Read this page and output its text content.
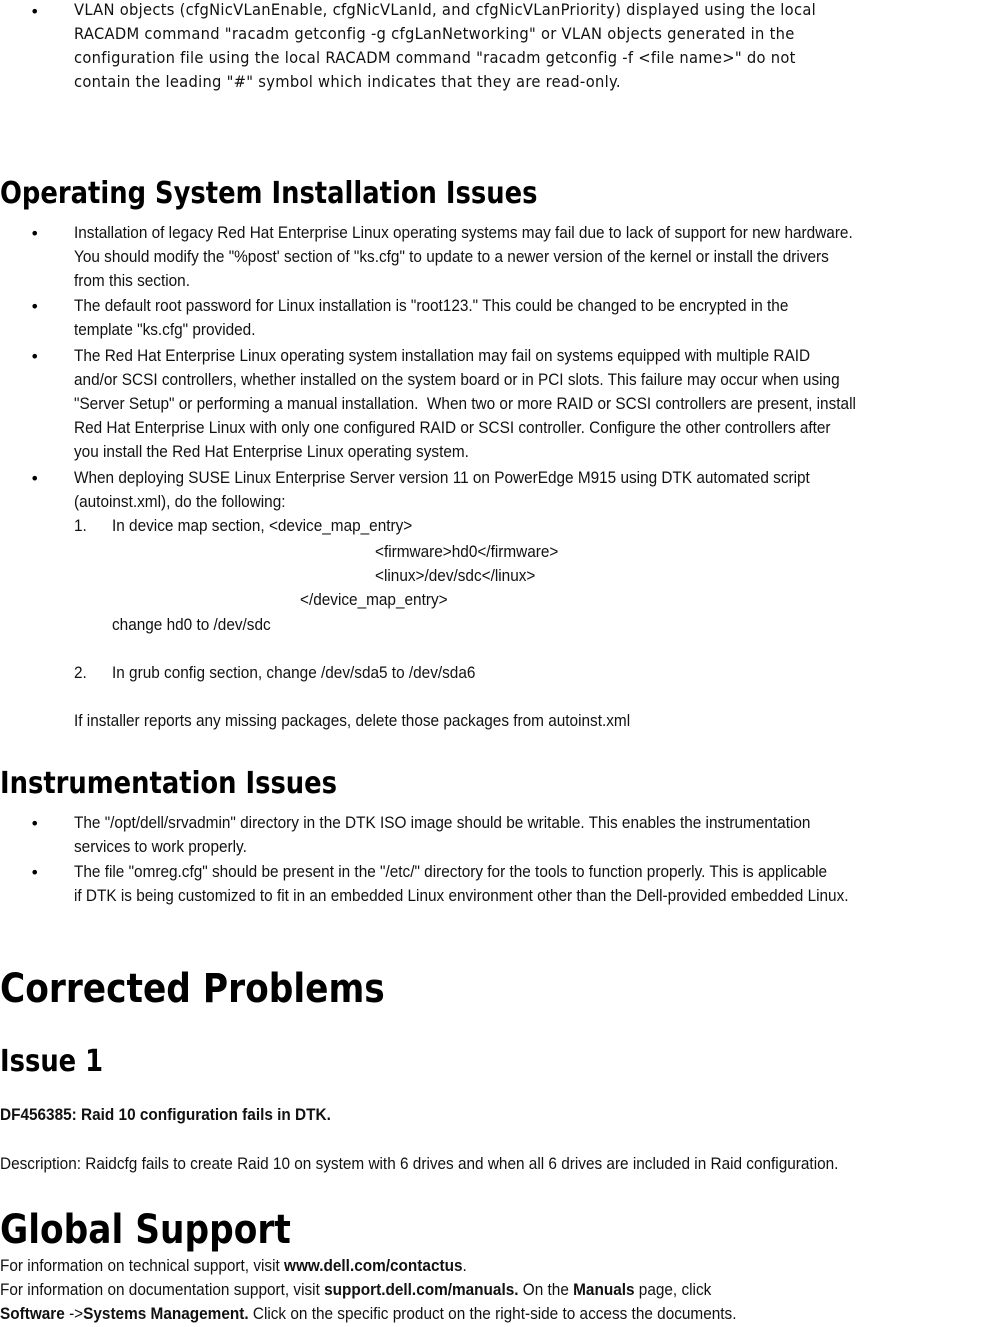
• VLAN objects (cfgNicVLanEnable, cfgNicVLanId, and cfgNicVLanPriority) displayed using the local
RACADM command "racadm getconfig -g cfgLanNetworking" or VLAN objects generated in the
configuration file using the local RACADM command "racadm getconfig -f <file name>" do not
contain the leading "#" symbol which indicates that they are read-only.
Operating System Installation Issues
• Installation of legacy Red Hat Enterprise Linux operating systems may fail due to lack of support for new hardware.
You should modify the "%post' section of "ks.cfg" to update to a newer version of the kernel or install the drivers
from this section.
• The default root password for Linux installation is "root123." This could be changed to be encrypted in the
template "ks.cfg" provided.
• The Red Hat Enterprise Linux operating system installation may fail on systems equipped with multiple RAID
and/or SCSI controllers, whether installed on the system board or in PCI slots. This failure may occur when using
"Server Setup" or performing a manual installation.  When two or more RAID or SCSI controllers are present, install
Red Hat Enterprise Linux with only one configured RAID or SCSI controller. Configure the other controllers after
you install the Red Hat Enterprise Linux operating system.
• When deploying SUSE Linux Enterprise Server version 11 on PowerEdge M915 using DTK automated script
(autoinst.xml), do the following:
1. In device map section, <device_map_entry>
<firmware>hd0</firmware>
<linux>/dev/sdc</linux>
</device_map_entry>
change hd0 to /dev/sdc
2. In grub config section, change /dev/sda5 to /dev/sda6
If installer reports any missing packages, delete those packages from autoinst.xml
Instrumentation Issues
• The "/opt/dell/srvadmin" directory in the DTK ISO image should be writable. This enables the instrumentation
services to work properly.
• The file "omreg.cfg" should be present in the "/etc/" directory for the tools to function properly. This is applicable
if DTK is being customized to fit in an embedded Linux environment other than the Dell-provided embedded Linux.
Corrected Problems
Issue 1
DF456385: Raid 10 configuration fails in DTK.
Description: Raidcfg fails to create Raid 10 on system with 6 drives and when all 6 drives are included in Raid configuration.
Global Support
For information on technical support, visit www.dell.com/contactus.
For information on documentation support, visit support.dell.com/manuals. On the Manuals page, click
Software ->Systems Management. Click on the specific product on the right-side to access the documents.
